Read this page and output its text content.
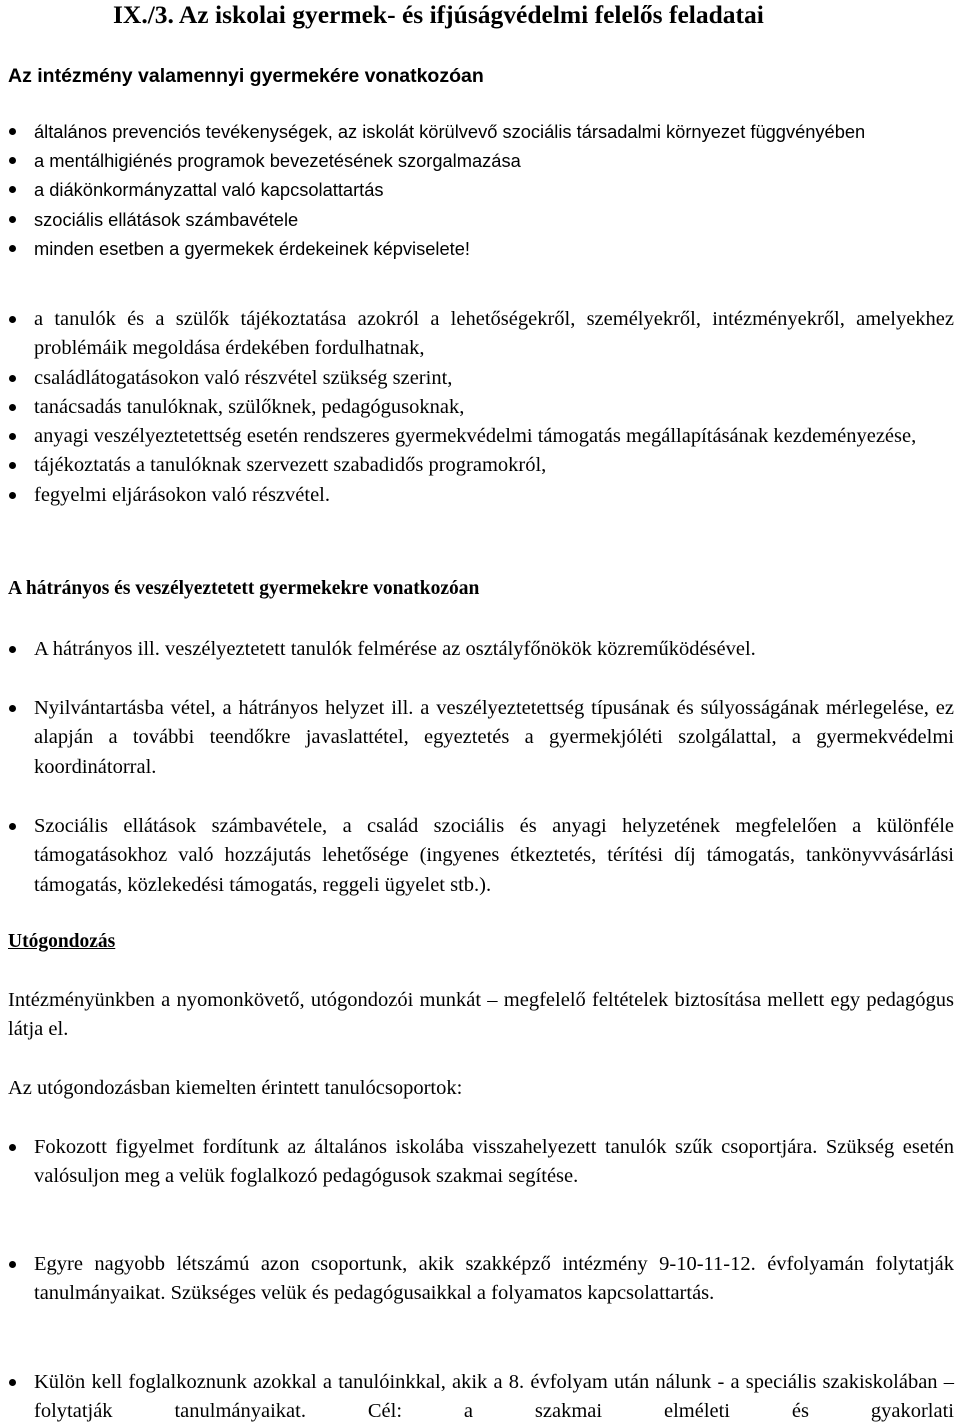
IX./3. Az iskolai gyermek- és ifjúságvédelmi felelős feladatai
Az intézmény valamennyi gyermekére vonatkozóan
általános prevenciós tevékenységek, az iskolát körülvevő szociális társadalmi környezet függvényében
a mentálhigiénés programok bevezetésének szorgalmazása
a diákönkormányzattal való kapcsolattartás
szociális ellátások számbavétele
minden esetben a gyermekek érdekeinek képviselete!
a tanulók és a szülők tájékoztatása azokról a lehetőségekről, személyekről, intézményekről, amelyekhez problémáik megoldása érdekében fordulhatnak,
családlátogatásokon való részvétel szükség szerint,
tanácsadás tanulóknak, szülőknek, pedagógusoknak,
anyagi veszélyeztetettség esetén rendszeres gyermekvédelmi támogatás megállapításának kezdeményezése,
tájékoztatás a tanulóknak szervezett szabadidős programokról,
fegyelmi eljárásokon való részvétel.
A hátrányos és veszélyeztetett gyermekekre vonatkozóan
A hátrányos ill. veszélyeztetett tanulók felmérése az osztályfőnökök közreműködésével.
Nyilvántartásba vétel, a hátrányos helyzet ill. a veszélyeztetettség típusának és súlyosságának mérlegelése, ez alapján a további teendőkre javaslattétel, egyeztetés a gyermekjóléti szolgálattal, a gyermekvédelmi koordinátorral.
Szociális ellátások számbavétele, a család szociális és anyagi helyzetének megfelelően a különféle támogatásokhoz való hozzájutás lehetősége (ingyenes étkeztetés, térítési díj támogatás, tankönyvvásárlási támogatás, közlekedési támogatás, reggeli ügyelet stb.).
Utógondozás

Intézményünkben a nyomonkövető, utógondozói munkát – megfelelő feltételek biztosítása mellett egy pedagógus látja el.

Az utógondozásban kiemelten érintett tanulócsoportok:

Fokozott figyelmet fordítunk az általános iskolába visszahelyezett tanulók szűk csoportjára. Szükség esetén valósuljon meg a velük foglalkozó pedagógusok szakmai segítése.
Egyre nagyobb létszámú azon csoportunk, akik szakképző intézmény 9-10-11-12. évfolyamán folytatják tanulmányaikat. Szükséges velük és pedagógusaikkal a folyamatos kapcsolattartás.
Külön kell foglalkoznunk azokkal a tanulóinkkal, akik a 8. évfolyam után nálunk - a speciális szakiskolában – folytatják tanulmányaikat. Cél: a szakmai elméleti és gyakorlati
